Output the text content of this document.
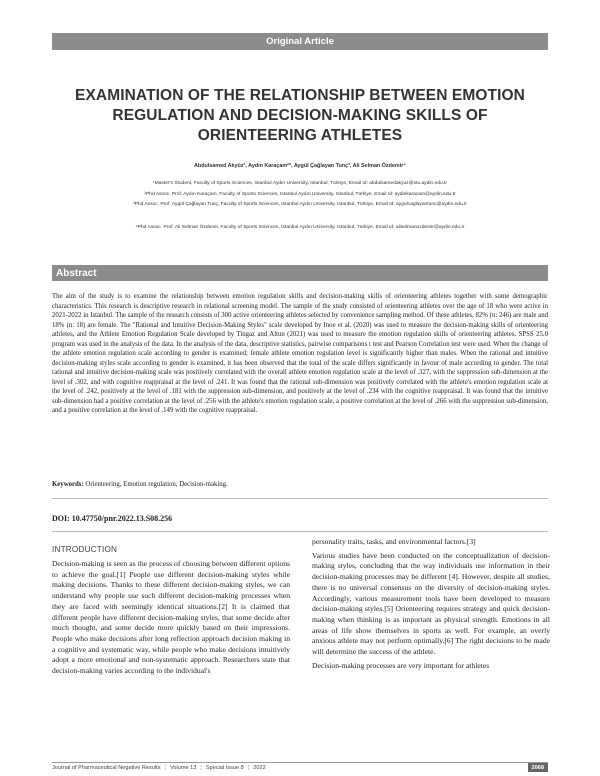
Original Article
EXAMINATION OF THE RELATIONSHIP BETWEEN EMOTION REGULATION AND DECISION-MAKING SKILLS OF ORIENTEERING ATHLETES
Abdulsamed Akyüz¹, Aydın Karaçam²*, Aygül Çağlayan Tunç³, Ali Selman Özdemir⁴
¹Master's Student, Faculty of Sports Sciences, Istanbul Aydın University, Istanbul, Türkiye, Email Id: abdulsamedakyuz@stu.aydin.edu.tr
²Phd Assoc. Prof. Aydın Karaçam, Faculty of Sports Sciences, Istanbul Aydın University, Istanbul, Türkiye, Email Id: aydinkaracam@aydin.edu.tr
³Phd Assoc. Prof. Aygül Çağlayan Tunç, Faculty of Sports Sciences, Istanbul Aydın University, Istanbul, Türkiye, Email Id: aygulcaglayantunc@aydin.edu.tr
⁴Phd Assoc. Prof. Ali Selman Özdemir, Faculty of Sports Sciences, Istanbul Aydın University, Istanbul, Türkiye, Email Id: aliselmanozdemir@aydin.edu.tr
Abstract
The aim of the study is to examine the relationship between emotion regulation skills and decision-making skills of orienteering athletes together with some demographic characteristics. This research is descriptive research in relational screening model. The sample of the study consisted of orienteering athletes over the age of 18 who were active in 2021-2022 in Istanbul. The sample of the research consists of 300 active orienteering athletes selected by convenience sampling method. Of these athletes, 82% (n: 246) are male and 18% (n: 18) are female. The "Rational and Intuitive Decision-Making Styles" scale developed by Inoe et al. (2020) was used to measure the decision-making skills of orienteering athletes, and the Athlete Emotion Regulation Scale developed by Tingaz and Altun (2021) was used to measure the emotion regulation skills of orienteering athletes. SPSS 25.0 program was used in the analysis of the data. In the analysis of the data, descriptive statistics, pairwise comparisons t test and Pearson Correlation test were used. When the change of the athlete emotion regulation scale according to gender is examined; female athlete emotion regulation level is significantly higher than males. When the rational and intuitive decision-making styles scale according to gender is examined, it has been observed that the total of the scale differs significantly in favour of male according to gender. The total rational and intuitive decision-making scale was positively correlated with the overall athlete emotion regulation scale at the level of .327, with the suppression sub-dimension at the level of .302, and with cognitive reappraisal at the level of .241. It was found that the rational sub-dimension was positively correlated with the athlete's emotion regulation scale at the level of .242, positively at the level of .181 with the suppression sub-dimension, and positively at the level of .234 with the cognitive reappraisal. It was found that the intuitive sub-dimension had a positive correlation at the level of .256 with the athlete's emotion regulation scale, a positive correlation at the level of .266 with the suppression sub-dimension, and a positive correlation at the level of .149 with the cognitive reappraisal.
Keywords: Orienteering, Emotion regulation, Decision-making.
DOI: 10.47750/pnr.2022.13.S08.256
INTRODUCTION

Decision-making is seen as the process of choosing between different options to achieve the goal.[1] People use different decision-making styles while making decisions. Thanks to these different decision-making styles, we can understand why people use such different decision-making processes when they are faced with seemingly identical situations.[2] It is claimed that different people have different decision-making styles, that some decide after much thought, and some decide more quickly based on their impressions. People who make decisions after long reflection approach decision making in a cognitive and systematic way, while people who make decisions intuitively adopt a more emotional and non-systematic approach. Researchers state that decision-making varies according to the individual's

personality traits, tasks, and environmental factors.[3]

Various studies have been conducted on the conceptualization of decision-making styles, concluding that the way individuals use information in their decision-making processes may be different [4]. However, despite all studies, there is no universal consensus on the diversity of decision-making styles. Accordingly, various measurement tools have been developed to measure decision-making styles.[5] Orienteering requires strategy and quick decision-making when thinking is as important as physical strength. Emotions in all areas of life show themselves in sports as well. For example, an overly anxious athlete may not perform optimally.[6] The right decisions to be made will determine the success of the athlete.

Decision-making processes are very important for athletes

Journal of Pharmaceutical Negative Results ¦ Volume 13 ¦ Special Issue 8 ¦ 2022	2068
